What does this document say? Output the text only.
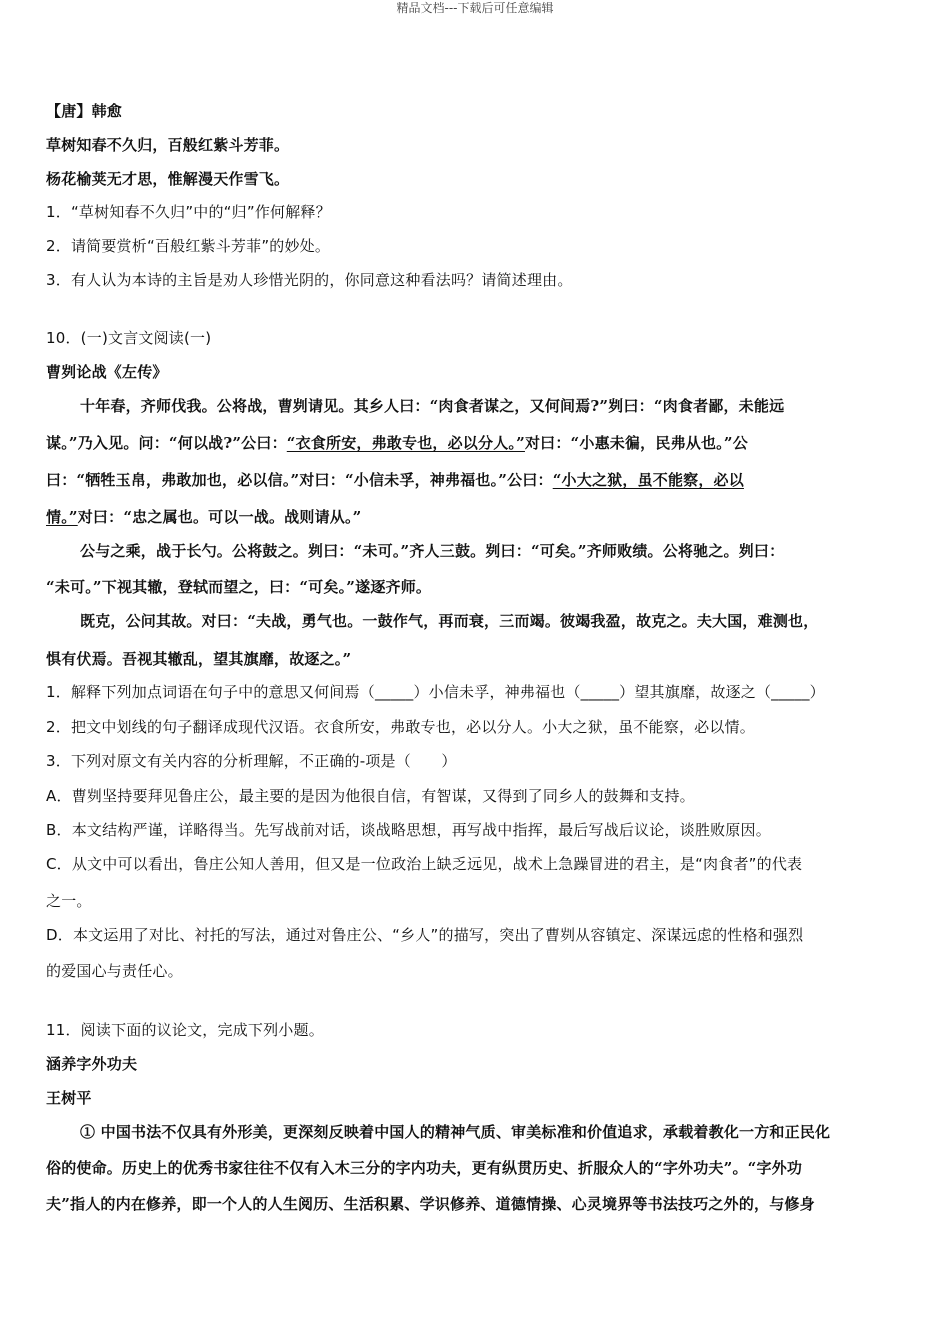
精品文档---下载后可任意编辑
【唐】韩愈
草树知春不久归，百般红紫斗芳菲。
杨花榆荚无才思，惟解漫天作雪飞。
1．“草树知春不久归”中的“归”作何解释？
2．请简要赏析“百般红紫斗芳菲”的妙处。
3．有人认为本诗的主旨是劝人珍惜光阴的，你同意这种看法吗？请简述理由。
10．(一)文言文阅读(一)
曹刿论战《左传》
十年春，齐师伐我。公将战，曹刿请见。其乡人曰：“肉食者谋之，又何间焉?”刿曰：“肉食者鄙，未能远
谋。”乃入见。问：“何以战?”公曰：“衣食所安，弗敢专也，必以分人。”对曰：“小惠未徧，民弗从也。”公
曰：“牺牲玉帛，弗敢加也，必以信。”对曰：“小信未孚，神弗福也。”公曰：“小大之狱，虽不能察，必以
情。”对曰：“忠之属也。可以一战。战则请从。”
公与之乘，战于长勺。公将鼓之。刿曰：“未可。”齐人三鼓。刿曰：“可矣。”齐师败绩。公将驰之。刿曰：
“未可。”下视其辙，登轼而望之，曰：“可矣。”遂逐齐师。
既克，公问其故。对曰：“夫战，勇气也。一鼓作气，再而衰，三而竭。彼竭我盈，故克之。夫大国，难测也，
惧有伏焉。吾视其辙乱，望其旗靡，故逐之。”
1．解释下列加点词语在句子中的意思又何间焉（_____）小信未孚，神弗福也（_____）望其旗靡，故逐之（_____）
2．把文中划线的句子翻译成现代汉语。衣食所安，弗敢专也，必以分人。小大之狱，虽不能察，必以情。
3．下列对原文有关内容的分析理解，不正确的-项是（　　）
A．曹刿坚持要拜见鲁庄公，最主要的是因为他很自信，有智谋，又得到了同乡人的鼓舞和支持。
B．本文结构严谨，详略得当。先写战前对话，谈战略思想，再写战中指挥，最后写战后议论，谈胜败原因。
C．从文中可以看出，鲁庄公知人善用，但又是一位政治上缺乏远见，战术上急躁冒进的君主，是“肉食者”的代表
之一。
D．本文运用了对比、衬托的写法，通过对鲁庄公、“乡人”的描写，突出了曹刿从容镇定、深谋远虑的性格和强烈
的爱国心与责任心。
11．阅读下面的议论文，完成下列小题。
涵养字外功夫
王树平
① 中国书法不仅具有外形美，更深刻反映着中国人的精神气质、审美标准和价值追求，承载着教化一方和正民化
俗的使命。历史上的优秀书家往往不仅有入木三分的字内功夫，更有纵贯历史、折服众人的“字外功夫”。“字外功
夫”指人的内在修养，即一个人的人生阅历、生活积累、学识修养、道德情操、心灵境界等书法技巧之外的，与修身
